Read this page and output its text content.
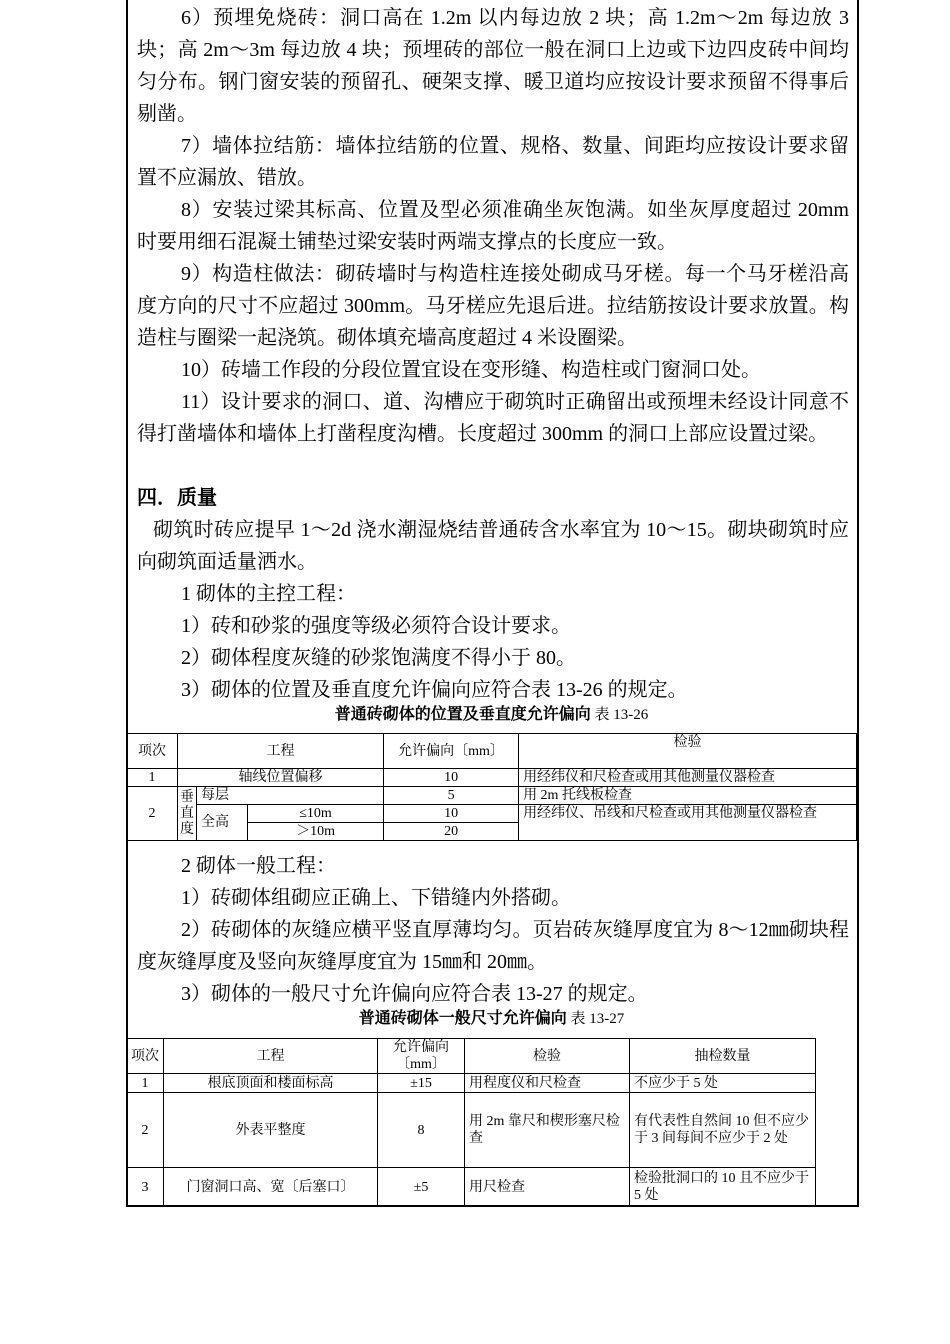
6）预埋免烧砖：洞口高在 1.2m 以内每边放 2 块；高 1.2m～2m 每边放 3 块；高 2m～3m 每边放 4 块；预埋砖的部位一般在洞口上边或下边四皮砖中间均匀分布。钢门窗安装的预留孔、硬架支撑、暖卫道均应按设计要求预留不得事后剔凿。
7）墙体拉结筋：墙体拉结筋的位置、规格、数量、间距均应按设计要求留置不应漏放、错放。
8）安装过梁其标高、位置及型必须准确坐灰饱满。如坐灰厚度超过 20mm 时要用细石混凝土铺垫过梁安装时两端支撑点的长度应一致。
9）构造柱做法：砌砖墙时与构造柱连接处砌成马牙槎。每一个马牙槎沿高度方向的尺寸不应超过 300mm。马牙槎应先退后进。拉结筋按设计要求放置。构造柱与圈梁一起浇筑。砌体填充墙高度超过 4 米设圈梁。
10）砖墙工作段的分段位置宜设在变形缝、构造柱或门窗洞口处。
11）设计要求的洞口、道、沟槽应于砌筑时正确留出或预埋未经设计同意不得打凿墙体和墙体上打凿程度沟槽。长度超过 300mm 的洞口上部应设置过梁。
四．质量
砌筑时砖应提早 1～2d 浇水潮湿烧结普通砖含水率宜为 10～15。砌块砌筑时应向砌筑面适量洒水。
1 砌体的主控工程：
1）砖和砂浆的强度等级必须符合设计要求。
2）砌体程度灰缝的砂浆饱满度不得小于 80。
3）砌体的位置及垂直度允许偏向应符合表 13-26 的规定。
普通砖砌体的位置及垂直度允许偏向 表 13-26
项次	工程			允许偏向〔mm〕	检验
1	轴线位置偏移			10	用经纬仪和尺检查或用其他测量仪器检查
2	垂直度	每层		5	用 2m 托线板检查
		全高	≤10m	10	用经纬仪、吊线和尺检查或用其他测量仪器检查
			＞10m	20	
2 砌体一般工程：
1）砖砌体组砌应正确上、下错缝内外搭砌。
2）砖砌体的灰缝应横平竖直厚薄均匀。页岩砖灰缝厚度宜为 8～12㎜砌块程度灰缝厚度及竖向灰缝厚度宜为 15㎜和 20㎜。
3）砌体的一般尺寸允许偏向应符合表 13-27 的规定。
普通砖砌体一般尺寸允许偏向 表 13-27
项次	工程	允许偏向〔mm〕	检验	抽检数量
1	根底顶面和楼面标高	±15	用程度仪和尺检查	不应少于 5 处
2	外表平整度	8	用 2m 靠尺和楔形塞尺检查	有代表性自然间 10 但不应少于 3 间每间不应少于 2 处
3	门窗洞口高、宽〔后塞口〕	±5	用尺检查	检验批洞口的 10 且不应少于 5 处
